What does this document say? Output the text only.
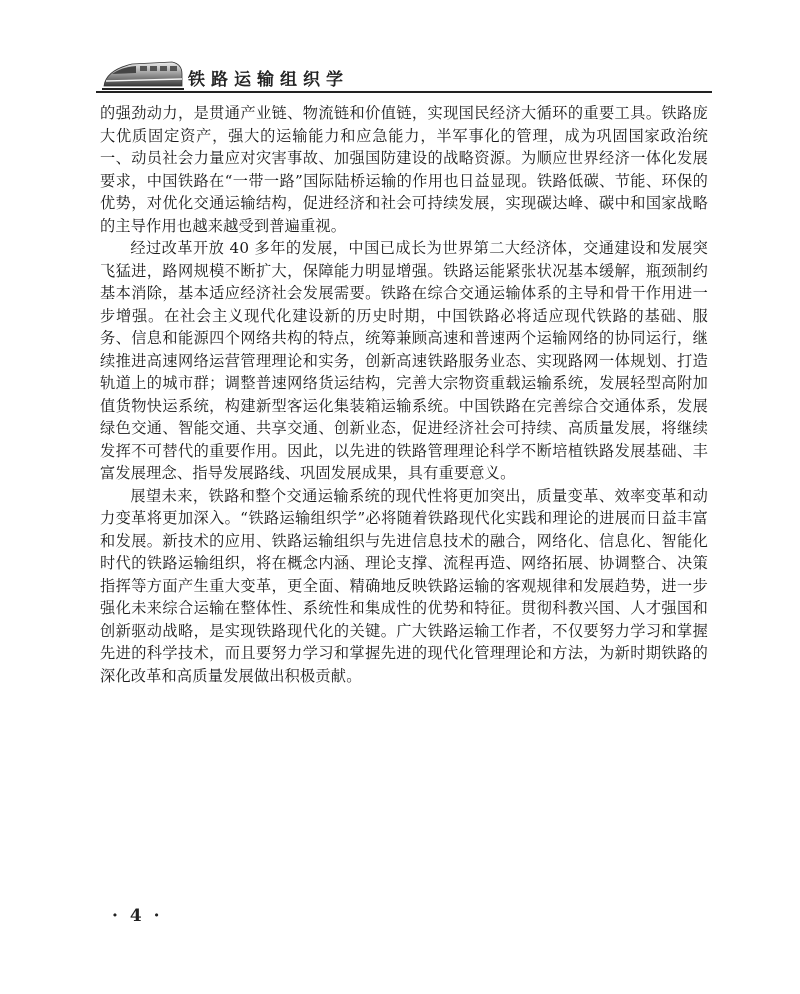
铁路运输组织学

的强劲动力，是贯通产业链、物流链和价值链，实现国民经济大循环的重要工具。铁路庞大优质固定资产，强大的运输能力和应急能力，半军事化的管理，成为巩固国家政治统一、动员社会力量应对灾害事故、加强国防建设的战略资源。为顺应世界经济一体化发展要求，中国铁路在“一带一路”国际陆桥运输的作用也日益显现。铁路低碳、节能、环保的优势，对优化交通运输结构，促进经济和社会可持续发展，实现碳达峰、碳中和国家战略的主导作用也越来越受到普遍重视。

经过改革开放 40 多年的发展，中国已成长为世界第二大经济体，交通建设和发展突飞猛进，路网规模不断扩大，保障能力明显增强。铁路运能紧张状况基本缓解，瓶颈制约基本消除，基本适应经济社会发展需要。铁路在综合交通运输体系的主导和骨干作用进一步增强。在社会主义现代化建设新的历史时期，中国铁路必将适应现代铁路的基础、服务、信息和能源四个网络共构的特点，统筹兼顾高速和普速两个运输网络的协同运行，继续推进高速网络运营管理理论和实务，创新高速铁路服务业态、实现路网一体规划、打造轨道上的城市群；调整普速网络货运结构，完善大宗物资重载运输系统，发展轻型高附加值货物快运系统，构建新型客运化集装箱运输系统。中国铁路在完善综合交通体系，发展绿色交通、智能交通、共享交通、创新业态，促进经济社会可持续、高质量发展，将继续发挥不可替代的重要作用。因此，以先进的铁路管理理论科学不断培植铁路发展基础、丰富发展理念、指导发展路线、巩固发展成果，具有重要意义。

展望未来，铁路和整个交通运输系统的现代性将更加突出，质量变革、效率变革和动力变革将更加深入。“铁路运输组织学”必将随着铁路现代化实践和理论的进展而日益丰富和发展。新技术的应用、铁路运输组织与先进信息技术的融合，网络化、信息化、智能化时代的铁路运输组织，将在概念内涵、理论支撑、流程再造、网络拓展、协调整合、决策指挥等方面产生重大变革，更全面、精确地反映铁路运输的客观规律和发展趋势，进一步强化未来综合运输在整体性、系统性和集成性的优势和特征。贯彻科教兴国、人才强国和创新驱动战略，是实现铁路现代化的关键。广大铁路运输工作者，不仅要努力学习和掌握先进的科学技术，而且要努力学习和掌握先进的现代化管理理论和方法，为新时期铁路的深化改革和高质量发展做出积极贡献。

· 4 ·
